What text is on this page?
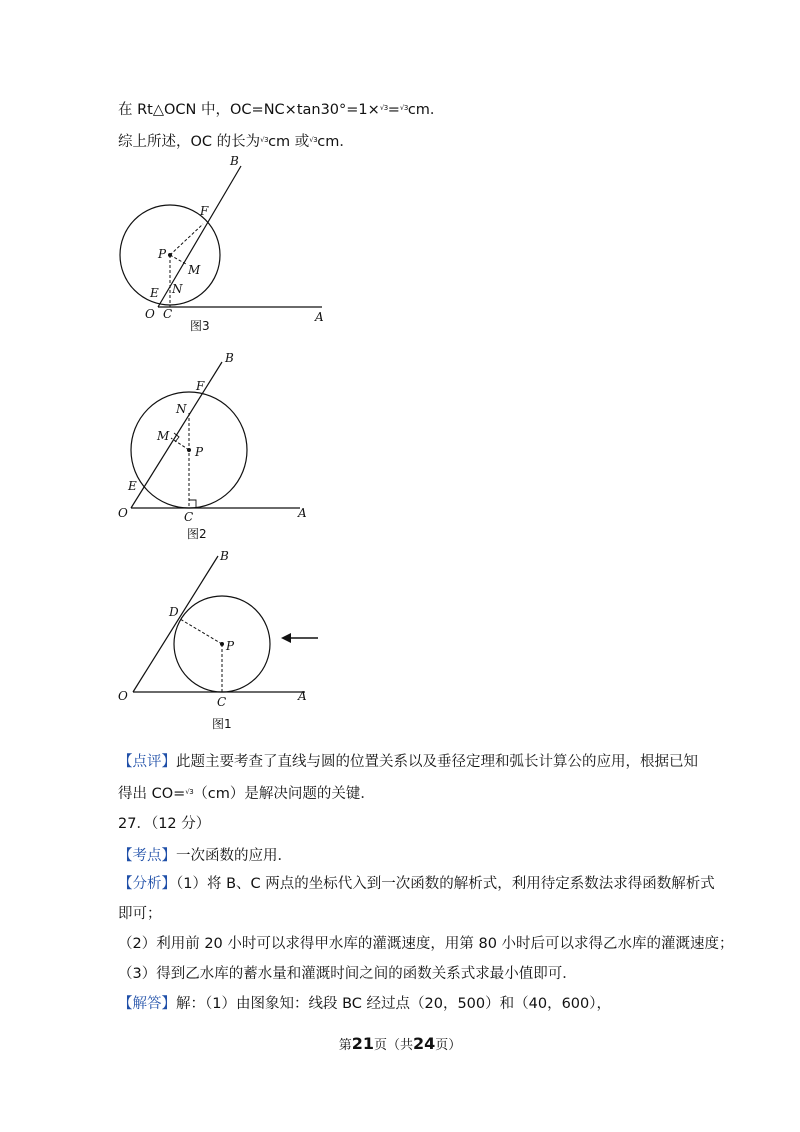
在 Rt△OCN 中，OC=NC×tan30°=1×$^{√3}$=$^{√3}$cm．
综上所述，OC 的长为$^{√3}$cm 或$^{√3}$cm．
B
F
P
M
E N
O C	A
图3
B
F
N
M
P
E
O	C	A
图2
B
D
P
O	C	A
图1
【点评】此题主要考查了直线与圆的位置关系以及垂径定理和弧长计算公的应用，根据已知
得出 CO=$^{√3}$（cm）是解决问题的关键．
27．（12 分）
【考点】一次函数的应用．
【分析】（1）将 B、C 两点的坐标代入到一次函数的解析式，利用待定系数法求得函数解析式
即可；
（2）利用前 20 小时可以求得甲水库的灌溉速度，用第 80 小时后可以求得乙水库的灌溉速度；
（3）得到乙水库的蓄水量和灌溉时间之间的函数关系式求最小值即可．
【解答】解：（1）由图象知：线段 BC 经过点（20，500）和（40，600），
第21页（共24页）
